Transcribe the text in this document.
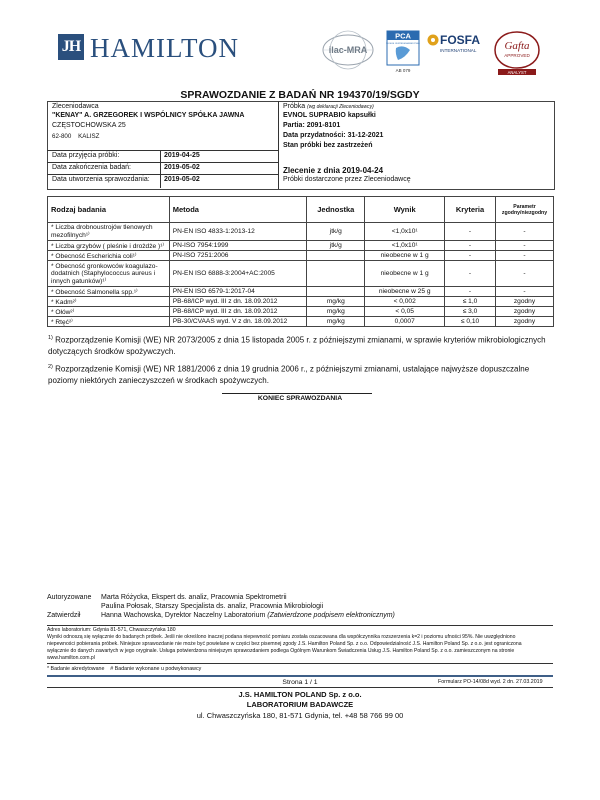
JH HAMILTON	ilac-MRA
PCA
POLSKIE CENTRUM AKREDYTACJI
AB 079
FOSFA
INTERNATIONAL	Gafta
APPROVED
ANALYST
SPRAWOZDANIE Z BADAŃ NR 194370/19/SGDY
Zleceniodawca
"KENAY" A. GRZEGOREK I WSPÓLNICY SPÓŁKA JAWNA
CZĘSTOCHOWSKA 25
62-800    KALISZ
Data przyjęcia próbki:	2019-04-25
Data zakończenia badań:	2019-05-02
Data utworzenia sprawozdania: 2019-05-02
Próbka (wg deklaracji Zleceniodawcy)
EVNOL SUPRABIO kapsułki
Partia: 2091-8101
Data przydatności: 31-12-2021
Stan próbki bez zastrzeżeń
Zlecenie z dnia 2019-04-24
Próbki dostarczone przez Zleceniodawcę
Rodzaj badania	Metoda	Jednostka	Wynik	Kryteria	Parametr zgodny/niezgodny
* Liczba drobnoustrojów tlenowych mezofilnych¹⁾	PN-EN ISO 4833-1:2013-12	jtk/g	<1,0x10¹	-	-
* Liczba grzybów ( pleśnie i drożdże )¹⁾	PN-ISO 7954:1999	jtk/g	<1,0x10¹	-	-
* Obecność Escherichia coli¹⁾	PN-ISO 7251:2006		nieobecne w 1 g	-	-
* Obecność gronkowców koagulazo-dodatnich (Staphylococcus aureus i innych gatunków)¹⁾	PN-EN ISO 6888-3:2004+AC:2005		nieobecne w 1 g	-	-
* Obecność Salmonella spp.¹⁾	PN-EN ISO 6579-1:2017-04		nieobecne w 25 g	-	-
* Kadm²⁾	PB-68/ICP wyd. III z dn. 18.09.2012	mg/kg	< 0,002	≤ 1,0	zgodny
* Ołów²⁾	PB-68/ICP wyd. III z dn. 18.09.2012	mg/kg	< 0,05	≤ 3,0	zgodny
* Rtęć²⁾	PB-30/CVAAS wyd. V z dn. 18.09.2012	mg/kg	0,0007	≤ 0,10	zgodny
$^{1)}$ Rozporządzenie Komisji (WE) NR 2073/2005 z dnia 15 listopada 2005 r. z późniejszymi zmianami, w sprawie kryteriów mikrobiologicznych dotyczących środków spożywczych.
$^{2)}$ Rozporządzenie Komisji (WE) NR 1881/2006 z dnia 19 grudnia 2006 r., z późniejszymi zmianami, ustalające najwyższe dopuszczalne poziomy niektórych zanieczyszczeń w środkach spożywczych.
KONIEC SPRAWOZDANIA
Autoryzowane Marta Różycka, Ekspert ds. analiz, Pracownia Spektrometrii
Paulina Połosak, Starszy Specjalista ds. analiz, Pracownia Mikrobiologii
Zatwierdził	Hanna Wachowska, Dyrektor Naczelny Laboratorium (Zatwierdzone podpisem elektronicznym)
Adres laboratorium: Gdynia 81-571, Chwaszczyńska 180
Wyniki odnoszą się wyłącznie do badanych próbek. Jeśli nie określono inaczej podana niepewność pomiaru została oszacowana dla współczynnika rozszerzenia k=2 i poziomu ufności 95%. Nie uwzględniono
niepewności pobierania próbek. Niniejsze sprawozdanie nie może być powielane w części bez pisemnej zgody J.S. Hamilton Poland Sp. z o.o. Odpowiedzialność J.S. Hamilton Poland Sp. z o.o. jest ograniczona
wyłącznie do danych zawartych w jego oryginale. Usługa potwierdzona niniejszym sprawozdaniem podlega Ogólnym Warunkom Świadczenia Usług J.S. Hamilton Poland Sp. z o.o. zamieszczonym na stronie
www.hamilton.com.pl
* Badanie akredytowane    # Badanie wykonane u podwykonawcy
Strona 1 / 1	Formularz PO-14/08d wyd. 2 dn. 27.03.2019
J.S. HAMILTON POLAND Sp. z o.o.
LABORATORIUM BADAWCZE
ul. Chwaszczyńska 180, 81-571 Gdynia, tel. +48 58 766 99 00
